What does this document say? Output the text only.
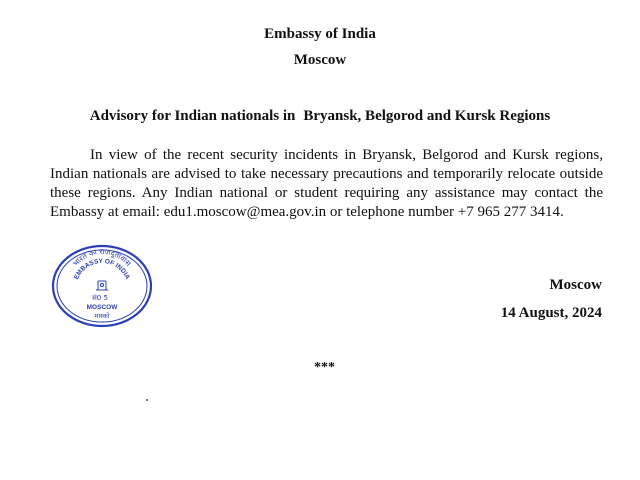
Embassy of India
Moscow
Advisory for Indian nationals in Bryansk, Belgorod and Kursk Regions
In view of the recent security incidents in Bryansk, Belgorod and Kursk regions, Indian nationals are advised to take necessary precautions and temporarily relocate outside these regions. Any Indian national or student requiring any assistance may contact the Embassy at email: edu1.moscow@mea.gov.in or telephone number +7 965 277 3414.
भारत का राजदूतावास
EMBASSY OF INDIA
सं0 5
MOSCOW
मास्को
Moscow
14 August, 2024
***
